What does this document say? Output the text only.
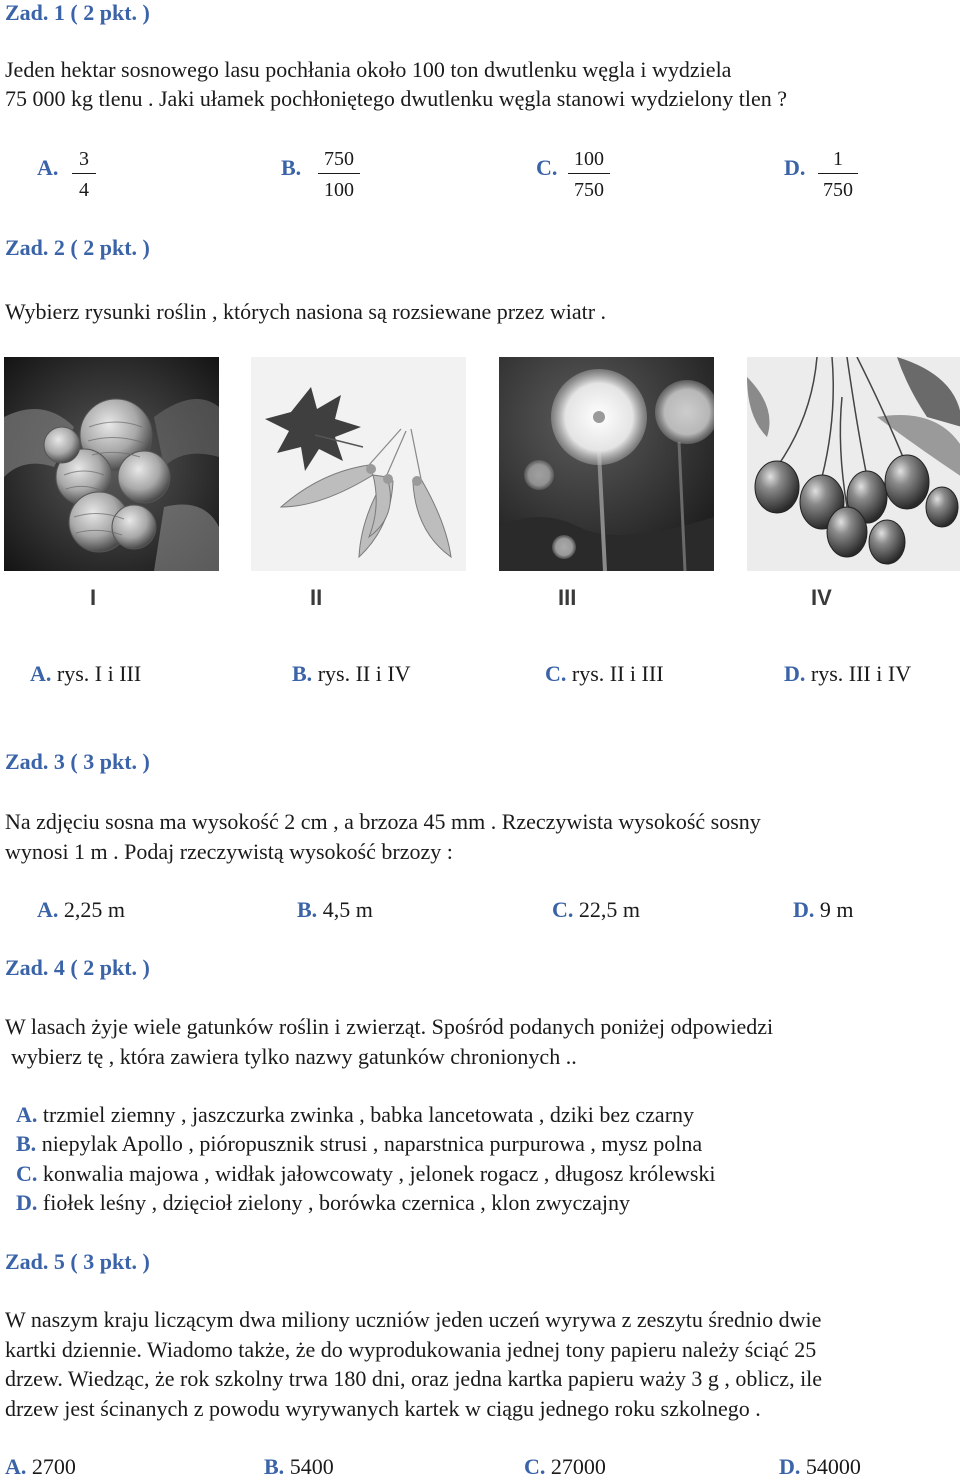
Zad. 1 ( 2 pkt. )
Jeden hektar sosnowego lasu pochłania około 100 ton dwutlenku węgla i wydziela
75 000 kg tlenu . Jaki ułamek pochłoniętego dwutlenku węgla stanowi wydzielony tlen ?
A.	3
4
B.	750
100
C. 100
750
D.	1
750
Zad. 2 ( 2 pkt. )
Wybierz rysunki roślin , których nasiona są rozsiewane przez wiatr .
I	II	III	IV
A. rys. I i III	B. rys. II i IV	C. rys. II i III	D. rys. III i IV
Zad. 3 ( 3 pkt. )
Na zdjęciu sosna ma wysokość 2 cm , a brzoza 45 mm . Rzeczywista wysokość sosny
wynosi 1 m . Podaj rzeczywistą wysokość brzozy :
A. 2,25 m	B. 4,5 m	C. 22,5 m	D. 9 m
Zad. 4 ( 2 pkt. )
W lasach żyje wiele gatunków roślin i zwierząt. Spośród podanych poniżej odpowiedzi
wybierz tę , która zawiera tylko nazwy gatunków chronionych ..
A. trzmiel ziemny , jaszczurka zwinka , babka lancetowata , dziki bez czarny
B. niepylak Apollo , pióropusznik strusi , naparstnica purpurowa , mysz polna
C. konwalia majowa , widłak jałowcowaty , jelonek rogacz , długosz królewski
D. fiołek leśny , dzięcioł zielony , borówka czernica , klon zwyczajny
Zad. 5 ( 3 pkt. )
W naszym kraju liczącym dwa miliony uczniów jeden uczeń wyrywa z zeszytu średnio dwie
kartki dziennie. Wiadomo także, że do wyprodukowania jednej tony papieru należy ściąć 25
drzew. Wiedząc, że rok szkolny trwa 180 dni, oraz jedna kartka papieru waży 3 g , oblicz, ile
drzew jest ścinanych z powodu wyrywanych kartek w ciągu jednego roku szkolnego .
A. 2700	B. 5400	C. 27000	D. 54000
